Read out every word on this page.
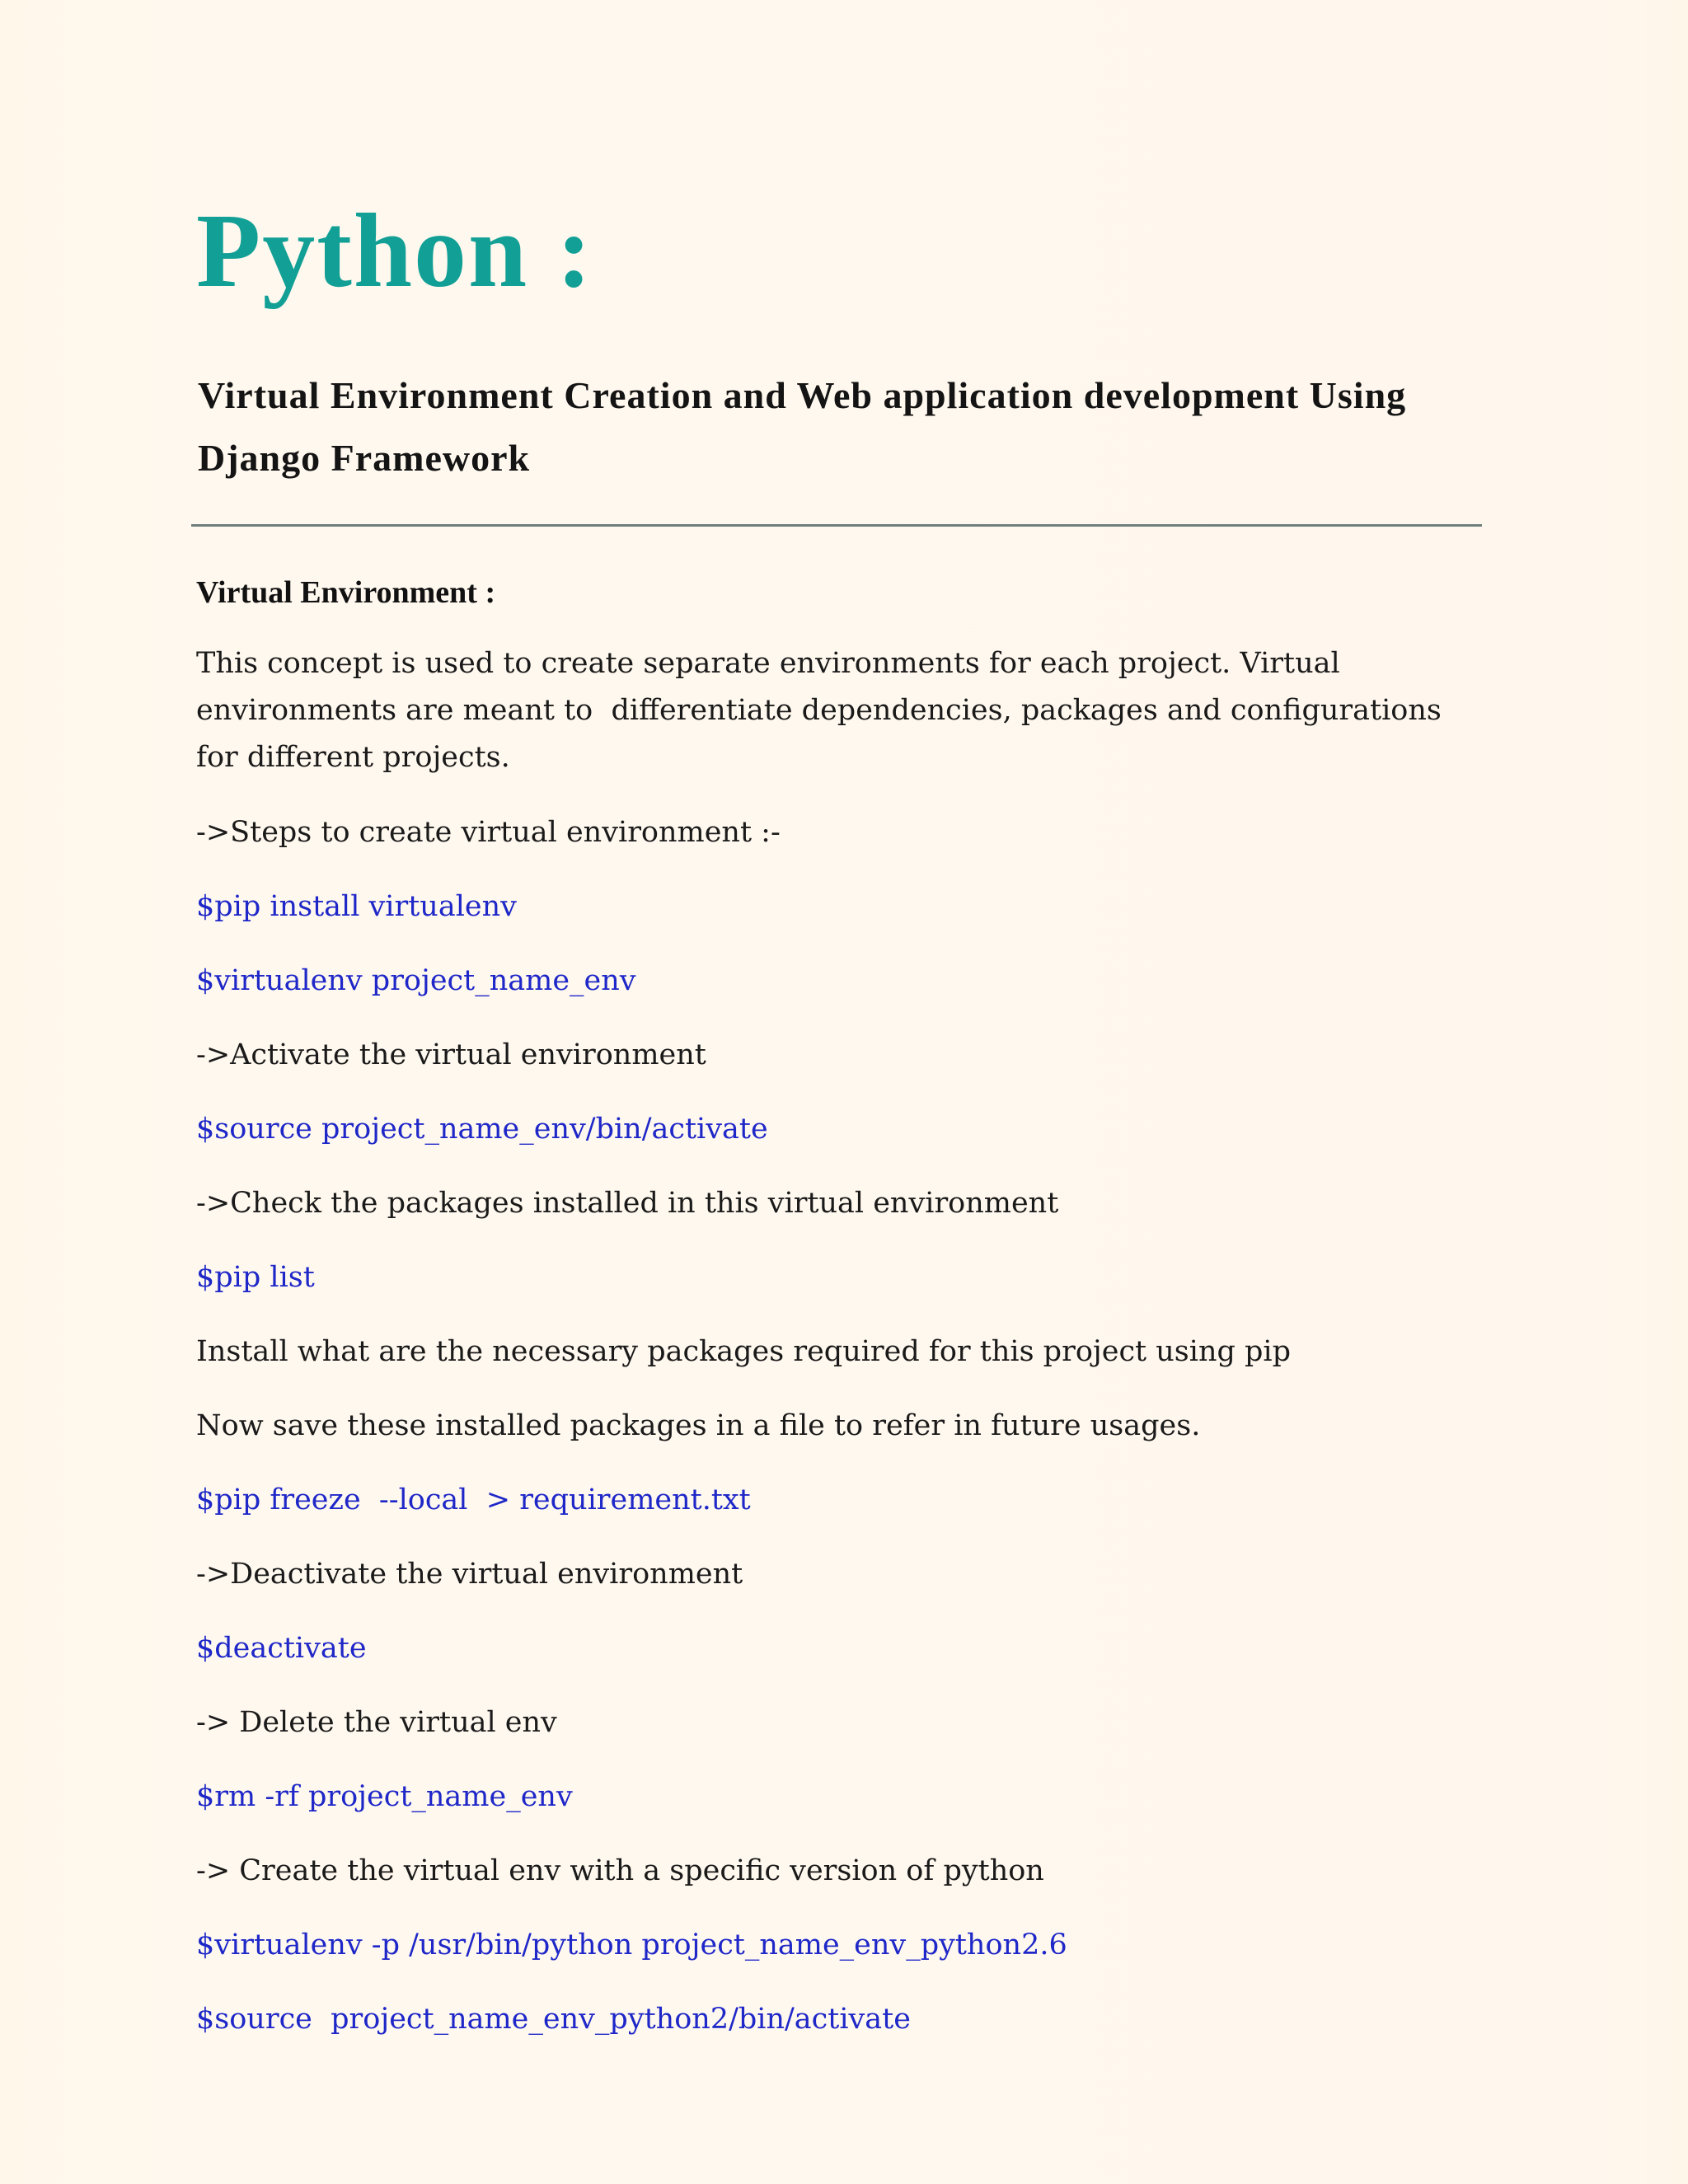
Python :
Virtual Environment Creation and Web application development Using Django Framework
Virtual Environment :

This concept is used to create separate environments for each project. Virtual environments are meant to  differentiate dependencies, packages and configurations  for different projects.

->Steps to create virtual environment :-
$pip install virtualenv
$virtualenv project_name_env
->Activate the virtual environment
$source project_name_env/bin/activate
->Check the packages installed in this virtual environment
$pip list
Install what are the necessary packages required for this project using pip
Now save these installed packages in a file to refer in future usages.
$pip freeze  --local  > requirement.txt
->Deactivate the virtual environment
$deactivate
-> Delete the virtual env
$rm -rf project_name_env
-> Create the virtual env with a specific version of python
$virtualenv -p /usr/bin/python project_name_env_python2.6
$source  project_name_env_python2/bin/activate
